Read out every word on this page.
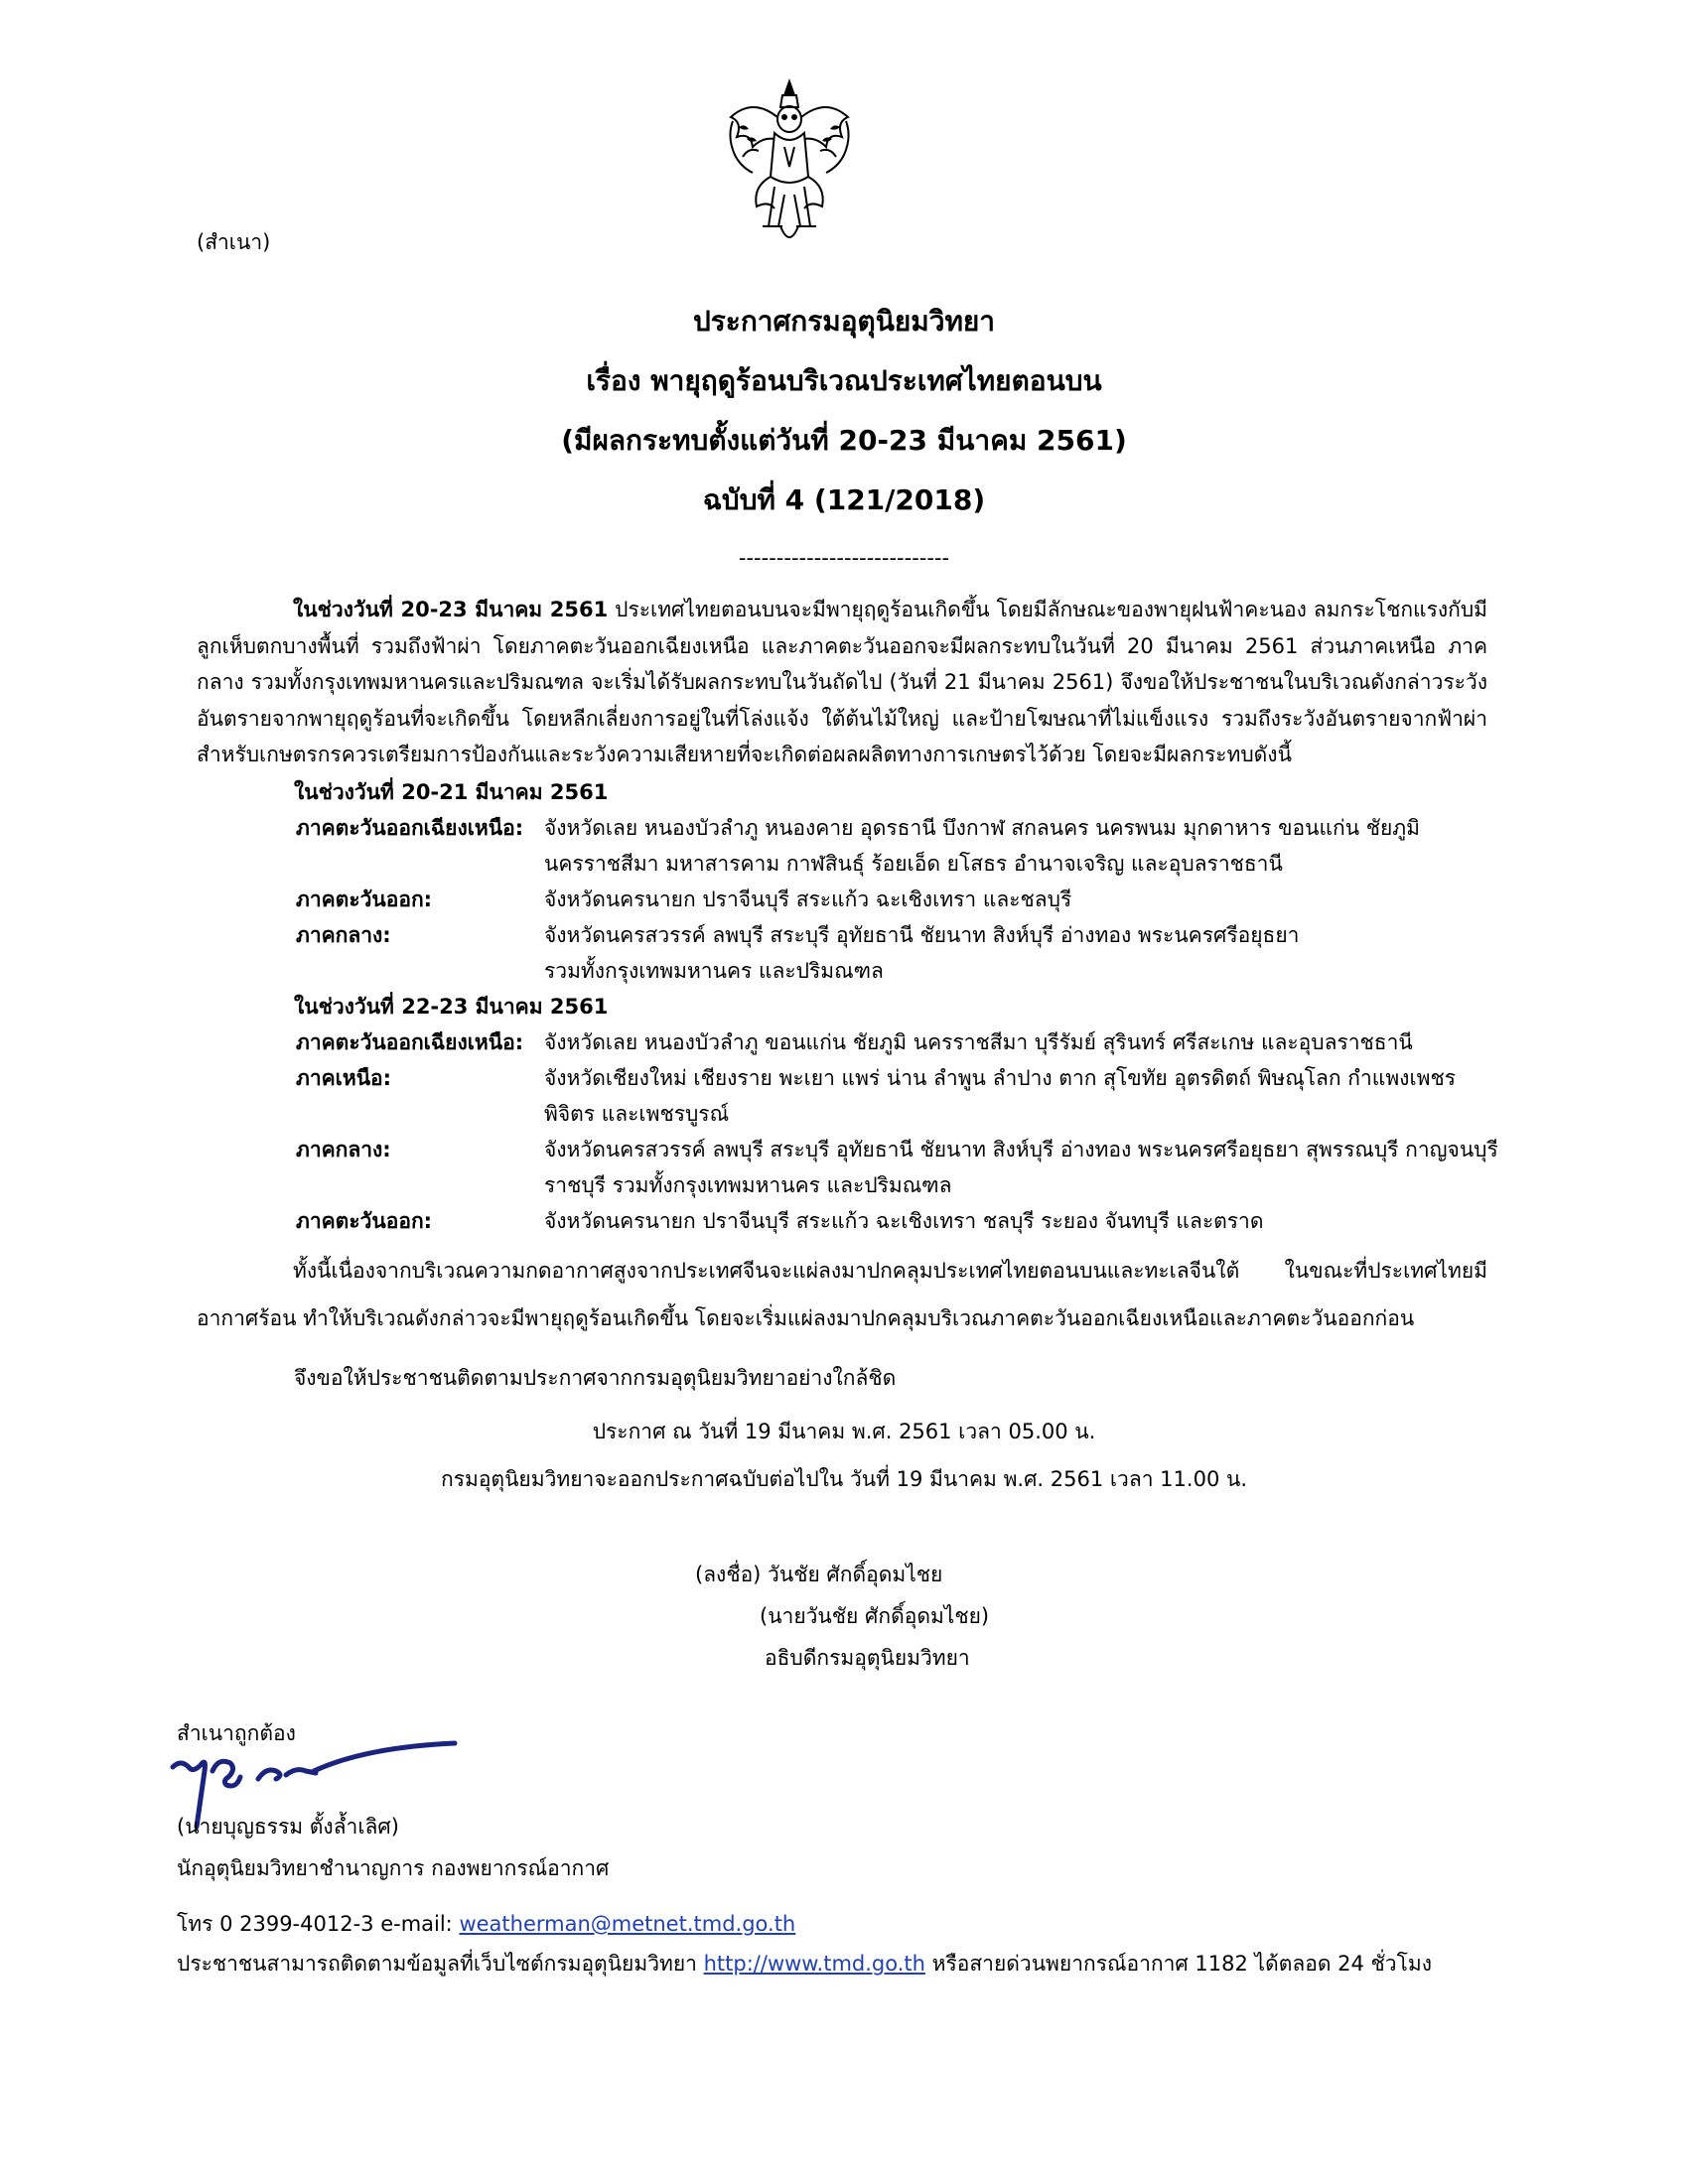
(สำเนา)
ประกาศกรมอุตุนิยมวิทยา
เรื่อง พายุฤดูร้อนบริเวณประเทศไทยตอนบน
(มีผลกระทบตั้งแต่วันที่ 20-23 มีนาคม 2561)
ฉบับที่ 4 (121/2018)
----------------------------
ในช่วงวันที่ 20-23 มีนาคม 2561 ประเทศไทยตอนบนจะมีพายุฤดูร้อนเกิดขึ้น โดยมีลักษณะของพายุฝนฟ้าคะนอง ลมกระโชกแรงกับมีลูกเห็บตกบางพื้นที่ รวมถึงฟ้าผ่า โดยภาคตะวันออกเฉียงเหนือ และภาคตะวันออกจะมีผลกระทบในวันที่ 20 มีนาคม 2561 ส่วนภาคเหนือ ภาคกลาง รวมทั้งกรุงเทพมหานครและปริมณฑล จะเริ่มได้รับผลกระทบในวันถัดไป (วันที่ 21 มีนาคม 2561) จึงขอให้ประชาชนในบริเวณดังกล่าวระวังอันตรายจากพายุฤดูร้อนที่จะเกิดขึ้น โดยหลีกเลี่ยงการอยู่ในที่โล่งแจ้ง ใต้ต้นไม้ใหญ่ และป้ายโฆษณาที่ไม่แข็งแรง รวมถึงระวังอันตรายจากฟ้าผ่า สำหรับเกษตรกรควรเตรียมการป้องกันและระวังความเสียหายที่จะเกิดต่อผลผลิตทางการเกษตรไว้ด้วย โดยจะมีผลกระทบดังนี้
ในช่วงวันที่ 20-21 มีนาคม 2561
ภาคตะวันออกเฉียงเหนือ: จังหวัดเลย หนองบัวลำภู หนองคาย อุดรธานี บึงกาฬ สกลนคร นครพนม มุกดาหาร ขอนแก่น ชัยภูมิ
นครราชสีมา มหาสารคาม กาฬสินธุ์ ร้อยเอ็ด ยโสธร อำนาจเจริญ และอุบลราชธานี
ภาคตะวันออก:	จังหวัดนครนายก ปราจีนบุรี สระแก้ว ฉะเชิงเทรา และชลบุรี
ภาคกลาง:	จังหวัดนครสวรรค์ ลพบุรี สระบุรี อุทัยธานี ชัยนาท สิงห์บุรี อ่างทอง พระนครศรีอยุธยา
รวมทั้งกรุงเทพมหานคร และปริมณฑล
ในช่วงวันที่ 22-23 มีนาคม 2561
ภาคตะวันออกเฉียงเหนือ: จังหวัดเลย หนองบัวลำภู ขอนแก่น ชัยภูมิ นครราชสีมา บุรีรัมย์ สุรินทร์ ศรีสะเกษ และอุบลราชธานี
ภาคเหนือ:	จังหวัดเชียงใหม่ เชียงราย พะเยา แพร่ น่าน ลำพูน ลำปาง ตาก สุโขทัย อุตรดิตถ์ พิษณุโลก กำแพงเพชร
พิจิตร และเพชรบูรณ์
ภาคกลาง:	จังหวัดนครสวรรค์ ลพบุรี สระบุรี อุทัยธานี ชัยนาท สิงห์บุรี อ่างทอง พระนครศรีอยุธยา สุพรรณบุรี กาญจนบุรี
ราชบุรี รวมทั้งกรุงเทพมหานคร และปริมณฑล
ภาคตะวันออก:	จังหวัดนครนายก ปราจีนบุรี สระแก้ว ฉะเชิงเทรา ชลบุรี ระยอง จันทบุรี และตราด
ทั้งนี้เนื่องจากบริเวณความกดอากาศสูงจากประเทศจีนจะแผ่ลงมาปกคลุมประเทศไทยตอนบนและทะเลจีนใต้ ในขณะที่ประเทศไทยมีอากาศร้อน ทำให้บริเวณดังกล่าวจะมีพายุฤดูร้อนเกิดขึ้น โดยจะเริ่มแผ่ลงมาปกคลุมบริเวณภาคตะวันออกเฉียงเหนือและภาคตะวันออกก่อน
จึงขอให้ประชาชนติดตามประกาศจากกรมอุตุนิยมวิทยาอย่างใกล้ชิด
ประกาศ ณ วันที่ 19 มีนาคม พ.ศ. 2561 เวลา 05.00 น.
กรมอุตุนิยมวิทยาจะออกประกาศฉบับต่อไปใน วันที่ 19 มีนาคม พ.ศ. 2561 เวลา 11.00 น.
(ลงชื่อ) วันชัย ศักดิ์อุดมไชย
(นายวันชัย ศักดิ์อุดมไชย)
อธิบดีกรมอุตุนิยมวิทยา
สำเนาถูกต้อง
(นายบุญธรรม ตั้งล้ำเลิศ)
นักอุตุนิยมวิทยาชำนาญการ กองพยากรณ์อากาศ
โทร 0 2399-4012-3 e-mail: weatherman@metnet.tmd.go.th
ประชาชนสามารถติดตามข้อมูลที่เว็บไซต์กรมอุตุนิยมวิทยา http://www.tmd.go.th หรือสายด่วนพยากรณ์อากาศ 1182 ได้ตลอด 24 ชั่วโมง
